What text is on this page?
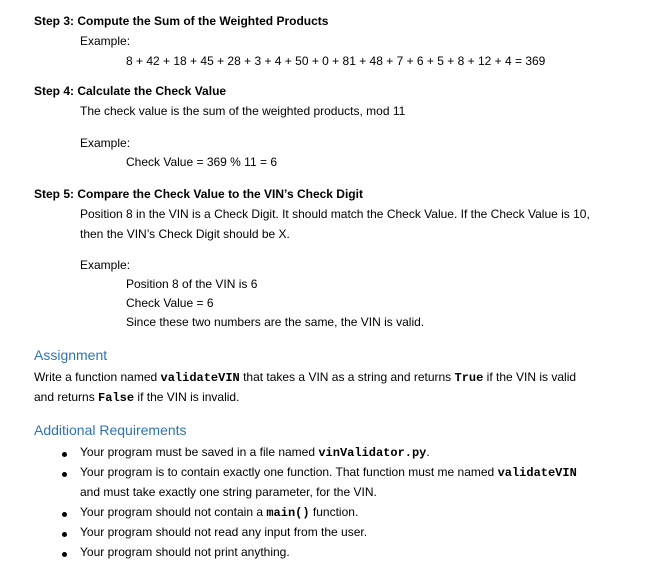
Step 3: Compute the Sum of the Weighted Products
Example:
8 + 42 + 18 + 45 + 28 + 3 + 4 + 50 + 0 + 81 + 48 + 7 + 6 + 5 + 8 + 12 + 4 = 369
Step 4: Calculate the Check Value
The check value is the sum of the weighted products, mod 11
Example:
Check Value = 369 % 11 = 6
Step 5: Compare the Check Value to the VIN’s Check Digit
Position 8 in the VIN is a Check Digit. It should match the Check Value. If the Check Value is 10,
then the VIN’s Check Digit should be X.
Example:
Position 8 of the VIN is 6
Check Value = 6
Since these two numbers are the same, the VIN is valid.
Assignment
Write a function named validateVIN that takes a VIN as a string and returns True if the VIN is valid
and returns False if the VIN is invalid.
Additional Requirements
Your program must be saved in a file named vinValidator.py.
Your program is to contain exactly one function. That function must me named validateVIN
and must take exactly one string parameter, for the VIN.
Your program should not contain a main() function.
Your program should not read any input from the user.
Your program should not print anything.
